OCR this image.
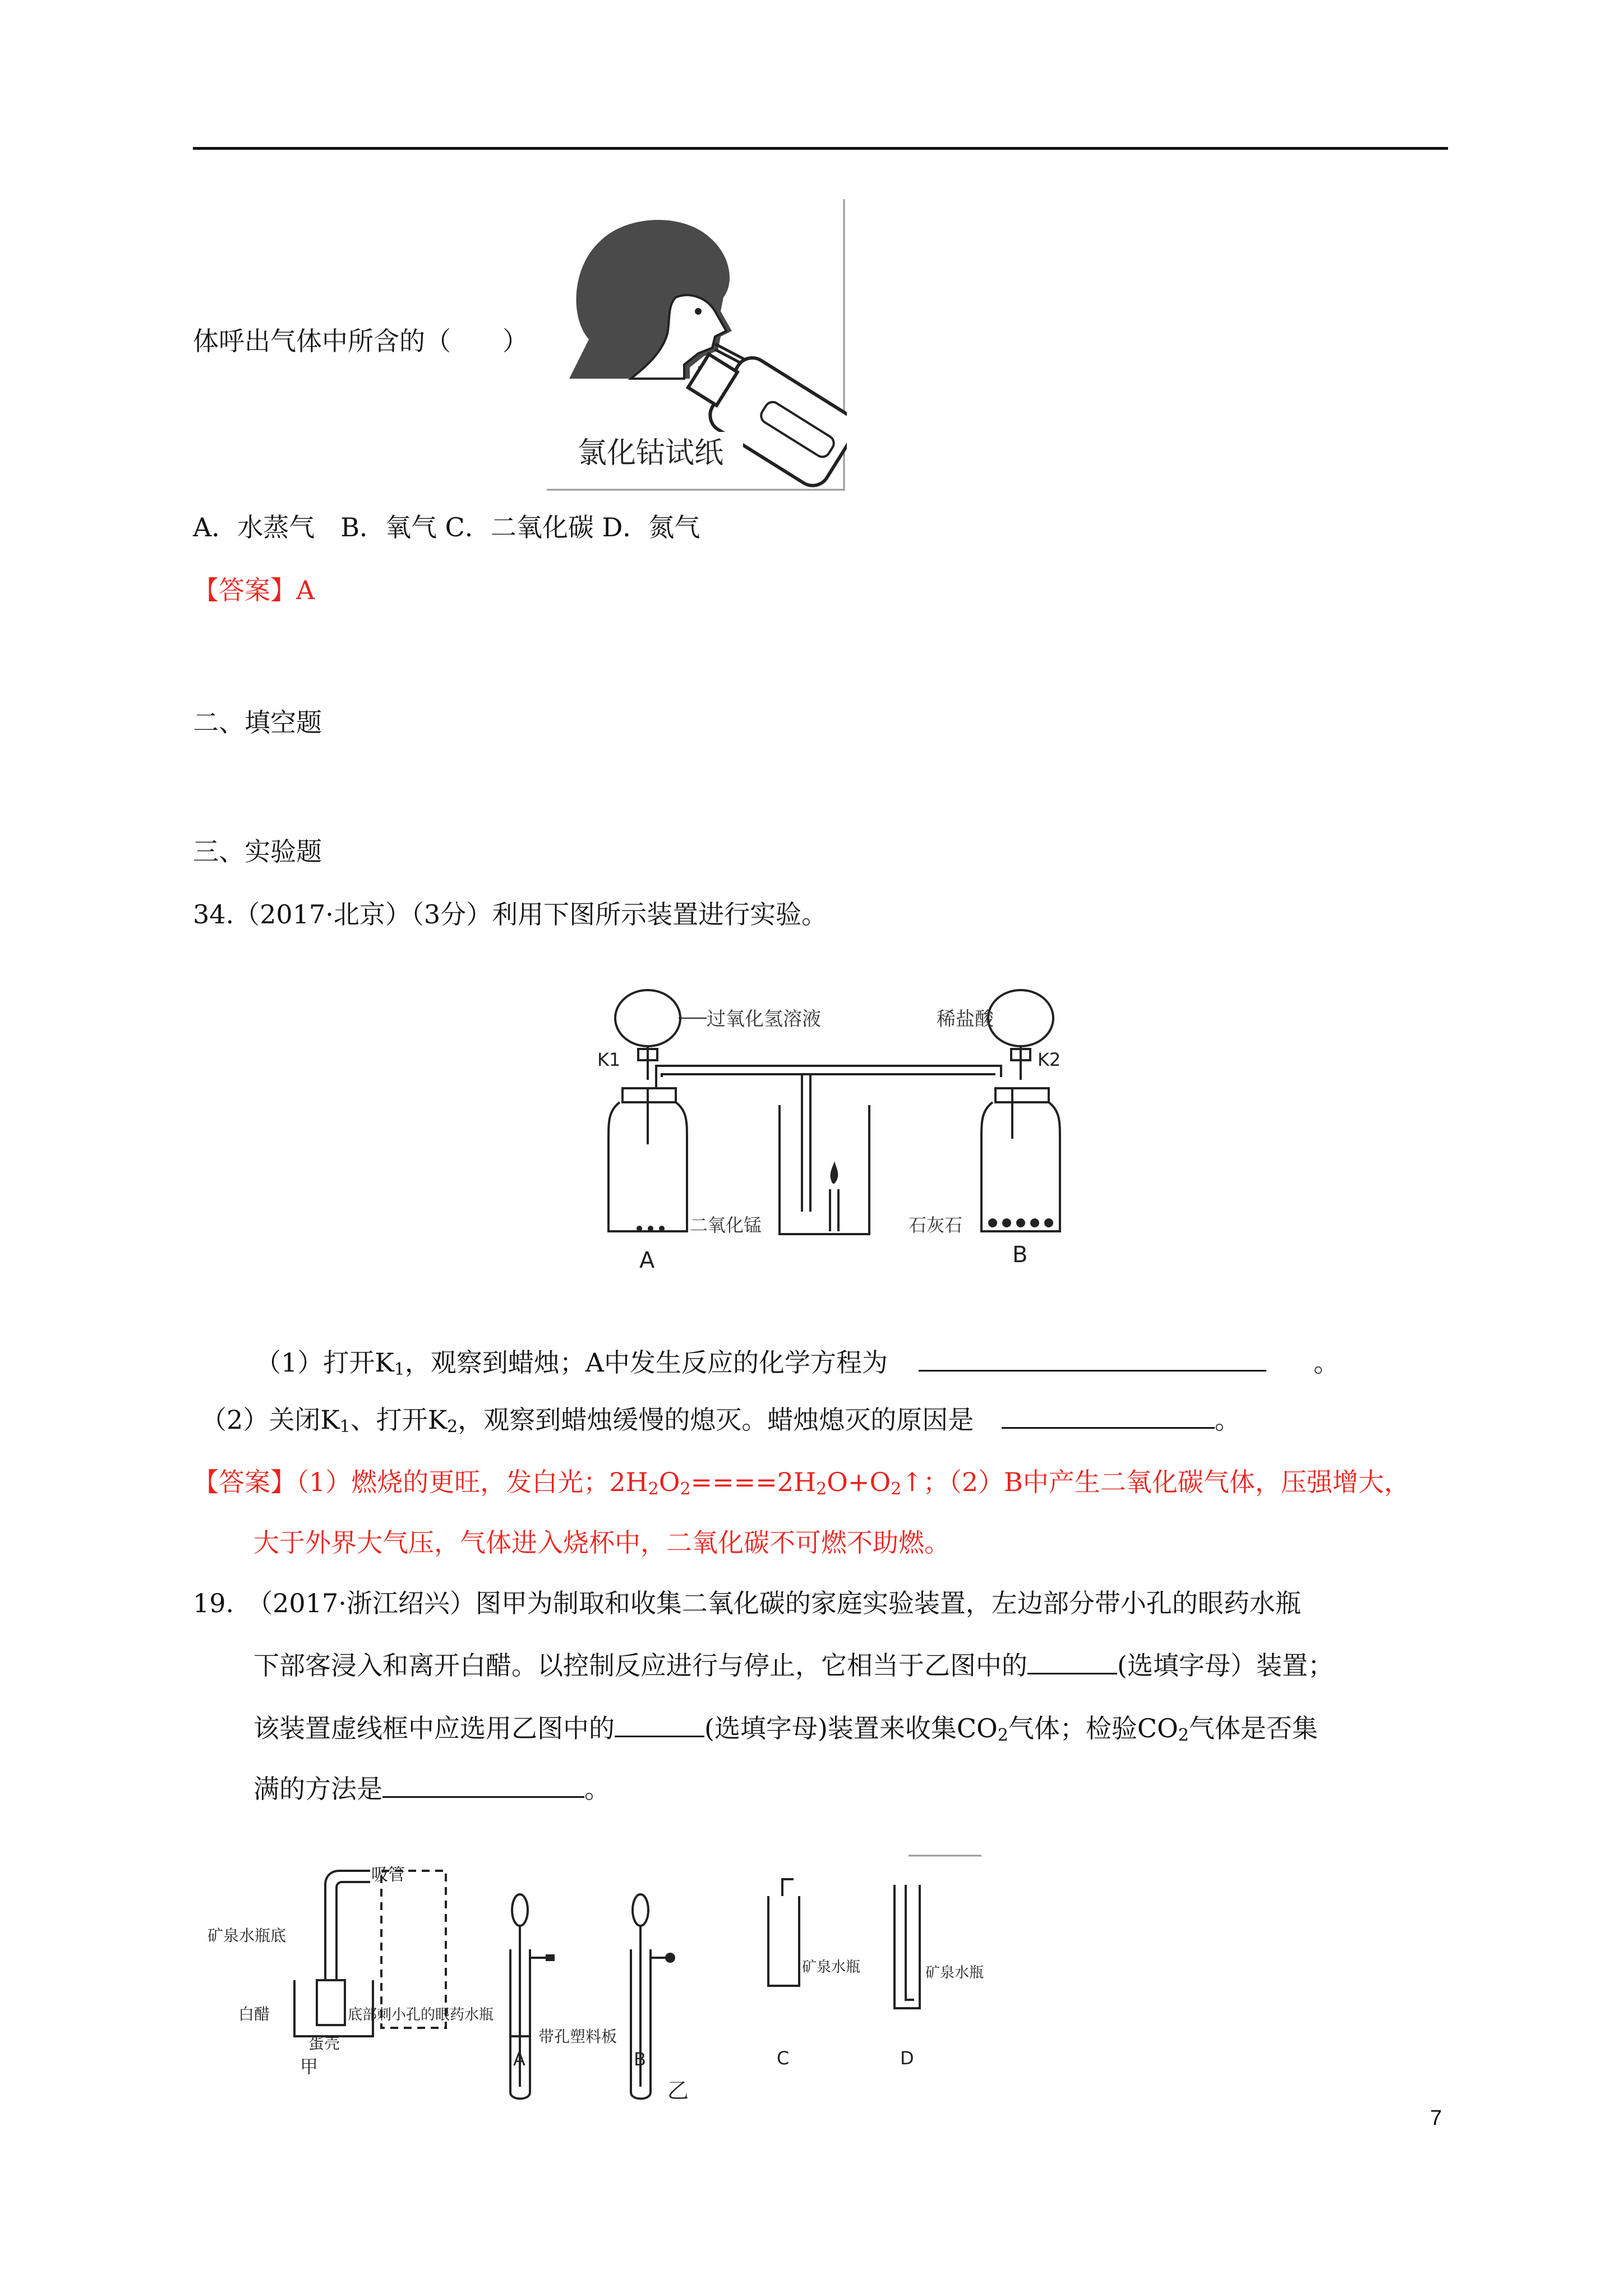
氯化钴试纸
体呼出气体中所含的（　　）
A．水蒸气　B．氧气 C．二氧化碳 D．氮气
【答案】A
二、填空题
三、实验题
34.（2017·北京）（3分）利用下图所示装置进行实验。
过氧化氢溶液	稀盐酸
K1	K2
二氧化锰	石灰石
A	B
（1）打开$K_1$，观察到蜡烛；A中发生反应的化学方程为	。
（2）关闭$K_1$、打开$K_2$，观察到蜡烛缓慢的熄灭。蜡烛熄灭的原因是	。
【答案】（1）燃烧的更旺，发白光；$2H_2O_2====2H_2O+O_2↑$；（2）B中产生二氧化碳气体，压强增大，
大于外界大气压，气体进入烧杯中，二氧化碳不可燃不助燃。
19.　（2017·浙江绍兴）图甲为制取和收集二氧化碳的家庭实验装置，左边部分带小孔的眼药水瓶
下部客浸入和离开白醋。以控制反应进行与停止，它相当于乙图中的	(选填字母）装置；
该装置虚线框中应选用乙图中的	(选填字母)装置来收集$CO_2$气体；检验$CO_2$气体是否集
满的方法是	。
吸管
矿泉水瓶底
白醋
蛋壳
底部刺小孔的眼药水瓶
甲
带孔塑料板
A	B	C	D
矿泉水瓶	矿泉水瓶
乙
7
